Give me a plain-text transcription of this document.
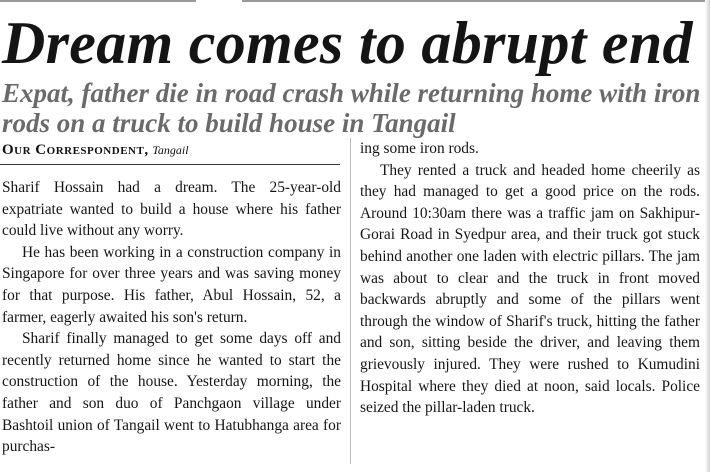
Dream comes to abrupt end
Expat, father die in road crash while returning home with iron rods on a truck to build house in Tangail
Our Correspondent, Tangail

Sharif Hossain had a dream. The 25-year-old expatriate wanted to build a house where his father could live without any worry.

He has been working in a construction company in Singapore for over three years and was saving money for that purpose. His father, Abul Hossain, 52, a farmer, eagerly awaited his son's return.

Sharif finally managed to get some days off and recently returned home since he wanted to start the construction of the house. Yesterday morning, the father and son duo of Panchgaon village under Bashtoil union of Tangail went to Hatubhanga area for purchas-

ing some iron rods.

They rented a truck and headed home cheerily as they had managed to get a good price on the rods. Around 10:30am there was a traffic jam on Sakhipur-Gorai Road in Syedpur area, and their truck got stuck behind another one laden with electric pillars. The jam was about to clear and the truck in front moved backwards abruptly and some of the pillars went through the window of Sharif's truck, hitting the father and son, sitting beside the driver, and leaving them grievously injured. They were rushed to Kumudini Hospital where they died at noon, said locals. Police seized the pillar-laden truck.
